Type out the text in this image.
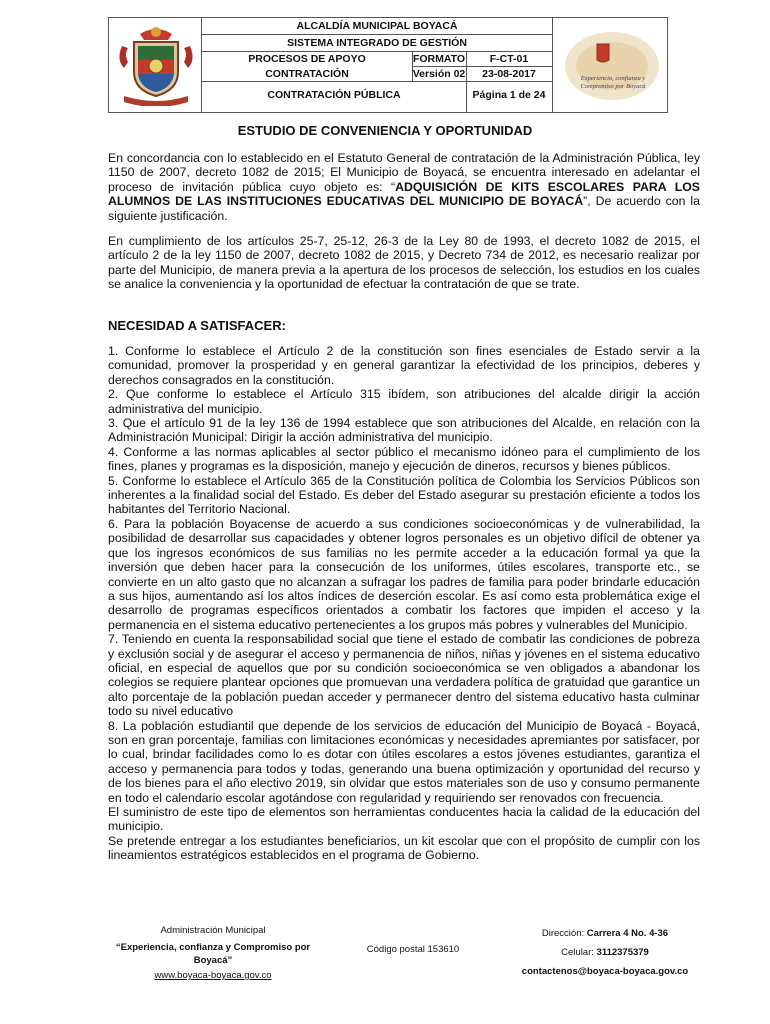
ALCALDÍA MUNICIPAL BOYACÁ
SISTEMA INTEGRADO DE GESTIÓN
PROCESOS DE APOYO	FORMATO	F-CT-01
CONTRATACIÓN	Versión 02	23-08-2017
CONTRATACIÓN PÚBLICA	Página 1 de 24
Experiencia, confianza y
Compromiso por Boyacá
ESTUDIO DE CONVENIENCIA Y OPORTUNIDAD
En concordancia con lo establecido en el Estatuto General de contratación de la Administración Pública, ley 1150 de 2007, decreto 1082 de 2015; El Municipio de Boyacá, se encuentra interesado en adelantar el proceso de invitación pública cuyo objeto es: “ADQUISICIÓN DE KITS ESCOLARES PARA LOS ALUMNOS DE LAS INSTITUCIONES EDUCATIVAS DEL MUNICIPIO DE BOYACÁ”, De acuerdo con la siguiente justificación.
En cumplimiento de los artículos 25-7, 25-12, 26-3 de la Ley 80 de 1993, el decreto 1082 de 2015, el artículo 2 de la ley 1150 de 2007, decreto 1082 de 2015, y Decreto 734 de 2012, es necesario realizar por parte del Municipio, de manera previa a la apertura de los procesos de selección, los estudios en los cuales se analice la conveniencia y la oportunidad de efectuar la contratación de que se trate.
NECESIDAD A SATISFACER:

1. Conforme lo establece el Artículo 2 de la constitución son fines esenciales de Estado servir a la comunidad, promover la prosperidad y en general garantizar la efectividad de los principios, deberes y derechos consagrados en la constitución.

2. Que conforme lo establece el Artículo 315 ibídem, son atribuciones del alcalde dirigir la acción administrativa del municipio.

3. Que el artículo 91 de la ley 136 de 1994 establece que son atribuciones del Alcalde, en relación con la Administración Municipal: Dirigir la acción administrativa del municipio.

4. Conforme a las normas aplicables al sector público el mecanismo idóneo para el cumplimiento de los fines, planes y programas es la disposición, manejo y ejecución de dineros, recursos y bienes públicos.

5. Conforme lo establece el Artículo 365 de la Constitución política de Colombia los Servicios Públicos son inherentes a la finalidad social del Estado. Es deber del Estado asegurar su prestación eficiente a todos los habitantes del Territorio Nacional.

6. Para la población Boyacense de acuerdo a sus condiciones socioeconómicas y de vulnerabilidad, la posibilidad de desarrollar sus capacidades y obtener logros personales es un objetivo difícil de obtener ya que los ingresos económicos de sus familias no les permite acceder a la educación formal ya que la inversión que deben hacer para la consecución de los uniformes, útiles escolares, transporte etc., se convierte en un alto gasto que no alcanzan a sufragar los padres de familia para poder brindarle educación a sus hijos, aumentando así los altos índices de deserción escolar. Es así como esta problemática exige el desarrollo de programas específicos orientados a combatir los factores que impiden el acceso y la permanencia en el sistema educativo pertenecientes a los grupos más pobres y vulnerables del Municipio.

7. Teniendo en cuenta la responsabilidad social que tiene el estado de combatir las condiciones de pobreza y exclusión social y de asegurar el acceso y permanencia de niños, niñas y jóvenes en el sistema educativo oficial, en especial de aquellos que por su condición socioeconómica se ven obligados a abandonar los colegios se requiere plantear opciones que promuevan una verdadera política de gratuidad que garantice un alto porcentaje de la población puedan acceder y permanecer dentro del sistema educativo hasta culminar todo su nivel educativo

8. La población estudiantil que depende de los servicios de educación del Municipio de Boyacá - Boyacá, son en gran porcentaje, familias con limitaciones económicas y necesidades apremiantes por satisfacer, por lo cual, brindar facilidades como lo es dotar con útiles escolares a estos jóvenes estudiantes, garantiza el acceso y permanencia para todos y todas, generando una buena optimización y oportunidad del recurso y de los bienes para el año electivo 2019, sin olvidar que estos materiales son de uso y consumo permanente en todo el calendario escolar agotándose con regularidad y requiriendo ser renovados con frecuencia.

El suministro de este tipo de elementos son herramientas conducentes hacia la calidad de la educación del municipio.

Se pretende entregar a los estudiantes beneficiarios, un kit escolar que con el propósito de cumplir con los lineamientos estratégicos establecidos en el programa de Gobierno.

Administración Municipal
“Experiencia, confianza y Compromiso por Boyacá”
www.boyaca-boyaca.gov.co
Código postal 153610
Dirección: Carrera 4 No. 4-36
Celular: 3112375379
contactenos@boyaca-boyaca.gov.co
